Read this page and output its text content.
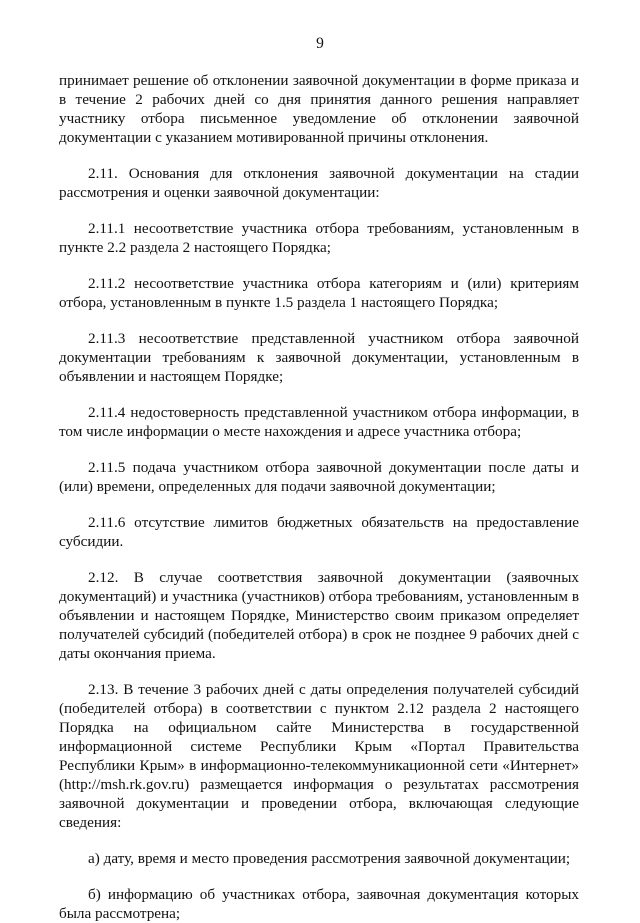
9

принимает решение об отклонении заявочной документации в форме приказа и в течение 2 рабочих дней со дня принятия данного решения направляет участнику отбора письменное уведомление об отклонении заявочной документации с указанием мотивированной причины отклонения.

2.11. Основания для отклонения заявочной документации на стадии рассмотрения и оценки заявочной документации:

2.11.1 несоответствие участника отбора требованиям, установленным в пункте 2.2 раздела 2 настоящего Порядка;

2.11.2 несоответствие участника отбора категориям и (или) критериям отбора, установленным в пункте 1.5 раздела 1 настоящего Порядка;

2.11.3 несоответствие представленной участником отбора заявочной документации требованиям к заявочной документации, установленным в объявлении и настоящем Порядке;

2.11.4 недостоверность представленной участником отбора информации, в том числе информации о месте нахождения и адресе участника отбора;

2.11.5 подача участником отбора заявочной документации после даты и (или) времени, определенных для подачи заявочной документации;

2.11.6 отсутствие лимитов бюджетных обязательств на предоставление субсидии.

2.12. В случае соответствия заявочной документации (заявочных документаций) и участника (участников) отбора требованиям, установленным в объявлении и настоящем Порядке, Министерство своим приказом определяет получателей субсидий (победителей отбора) в срок не позднее 9 рабочих дней с даты окончания приема.

2.13. В течение 3 рабочих дней с даты определения получателей субсидий (победителей отбора) в соответствии с пунктом 2.12 раздела 2 настоящего Порядка на официальном сайте Министерства в государственной информационной системе Республики Крым «Портал Правительства Республики Крым» в информационно-телекоммуникационной сети «Интернет» (http://msh.rk.gov.ru) размещается информация о результатах рассмотрения заявочной документации и проведении отбора, включающая следующие сведения:

а) дату, время и место проведения рассмотрения заявочной документации;

б) информацию об участниках отбора, заявочная документация которых была рассмотрена;
